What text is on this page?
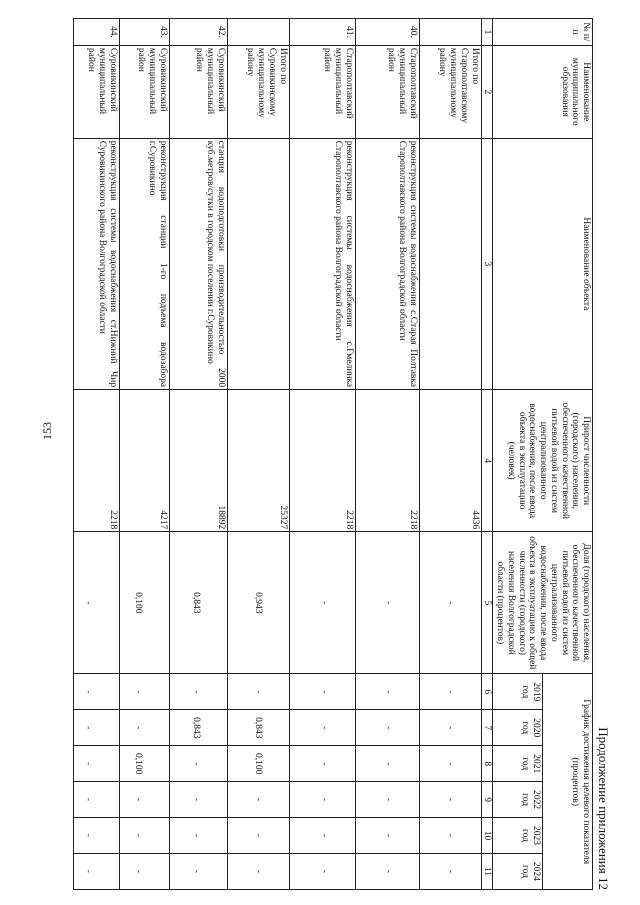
153
Продолжение приложения 12
№ п/п	Наименование муниципального образования	Наименование объекта	Прирост численности (городского) населения, обеспеченного качественной питьевой водой из систем централизованного водоснабжения, после ввода объекта в эксплуатацию (человек)	Доля (городского) населения, обеспеченного качественной питьевой водой из систем централизованного водоснабжения, после ввода объекта в эксплуатацию к общей численности (городского) населения Волгоградской области (процентов)	График достижения целевого показателя (процентов)					
					2019 год	2020 год	2021 год	2022 год	2023 год	2024 год
1	2	3	4	5	6	7	8	9	10	11
	Итого по Старополтавскому муниципальному району		4436	-	-	-	-	-	-	-
40.	Старополтавский муниципальный район	реконструкция системы водоснабжения с.Старая Полтавка Старополтавского района Волгоградской области	2218	-	-	-	-	-	-	-
41.	Старополтавский муниципальный район	реконструкция системы водоснабжения с.Гмелинка Старополтавского района Волгоградской области	2218	-	-	-	-	-	-	-
	Итого по Суровикинскому муниципальному району		25327	0,943	-	0,843	0,100	-	-	-
42.	Суровикинский муниципальный район	станция водоподготовки производительностью 2000 куб.метров/сутки в городском поселении г.Суровикино	18892	0,843	-	0,843	-	-	-	-
43.	Суровикинский муниципальный район	реконструкция станции 1-го подъема водозабора г.Суровикино	4217	0,100	-	-	0,100	-	-	-
44.	Суровикинский муниципальный район	реконструкция системы водоснабжения ст.Нижний Чир Суровикинского района Волгоградской области	2218	-	-	-	-	-	-	-
